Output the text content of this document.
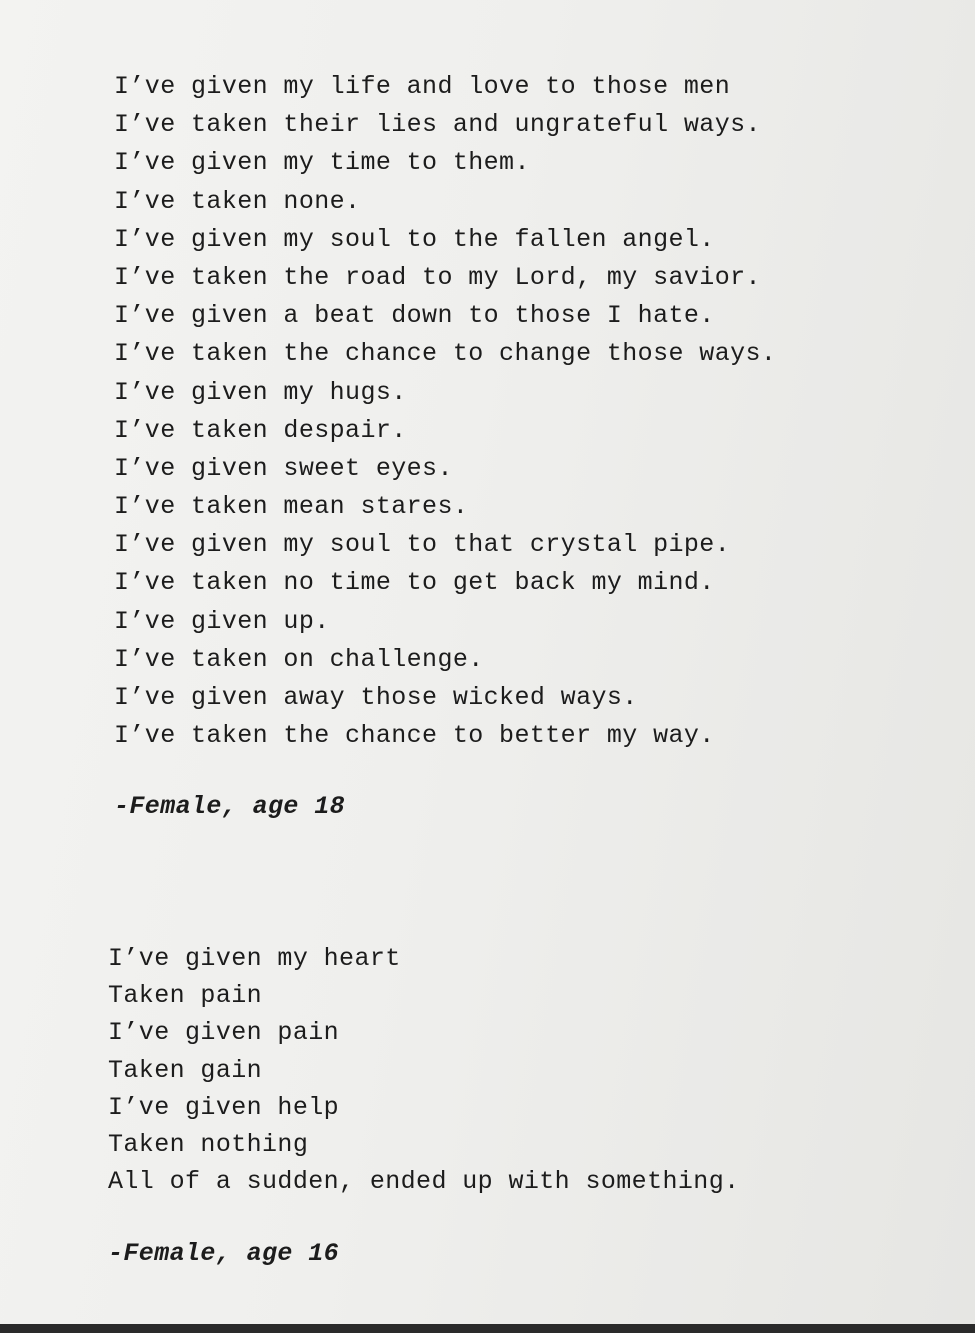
I’ve given my life and love to those men
I’ve taken their lies and ungrateful ways.
I’ve given my time to them.
I’ve taken none.
I’ve given my soul to the fallen angel.
I’ve taken the road to my Lord, my savior.
I’ve given a beat down to those I hate.
I’ve taken the chance to change those ways.
I’ve given my hugs.
I’ve taken despair.
I’ve given sweet eyes.
I’ve taken mean stares.
I’ve given my soul to that crystal pipe.
I’ve taken no time to get back my mind.
I’ve given up.
I’ve taken on challenge.
I’ve given away those wicked ways.
I’ve taken the chance to better my way.
-Female, age 18
I’ve given my heart
Taken pain
I’ve given pain
Taken gain
I’ve given help
Taken nothing
All of a sudden, ended up with something.
-Female, age 16
